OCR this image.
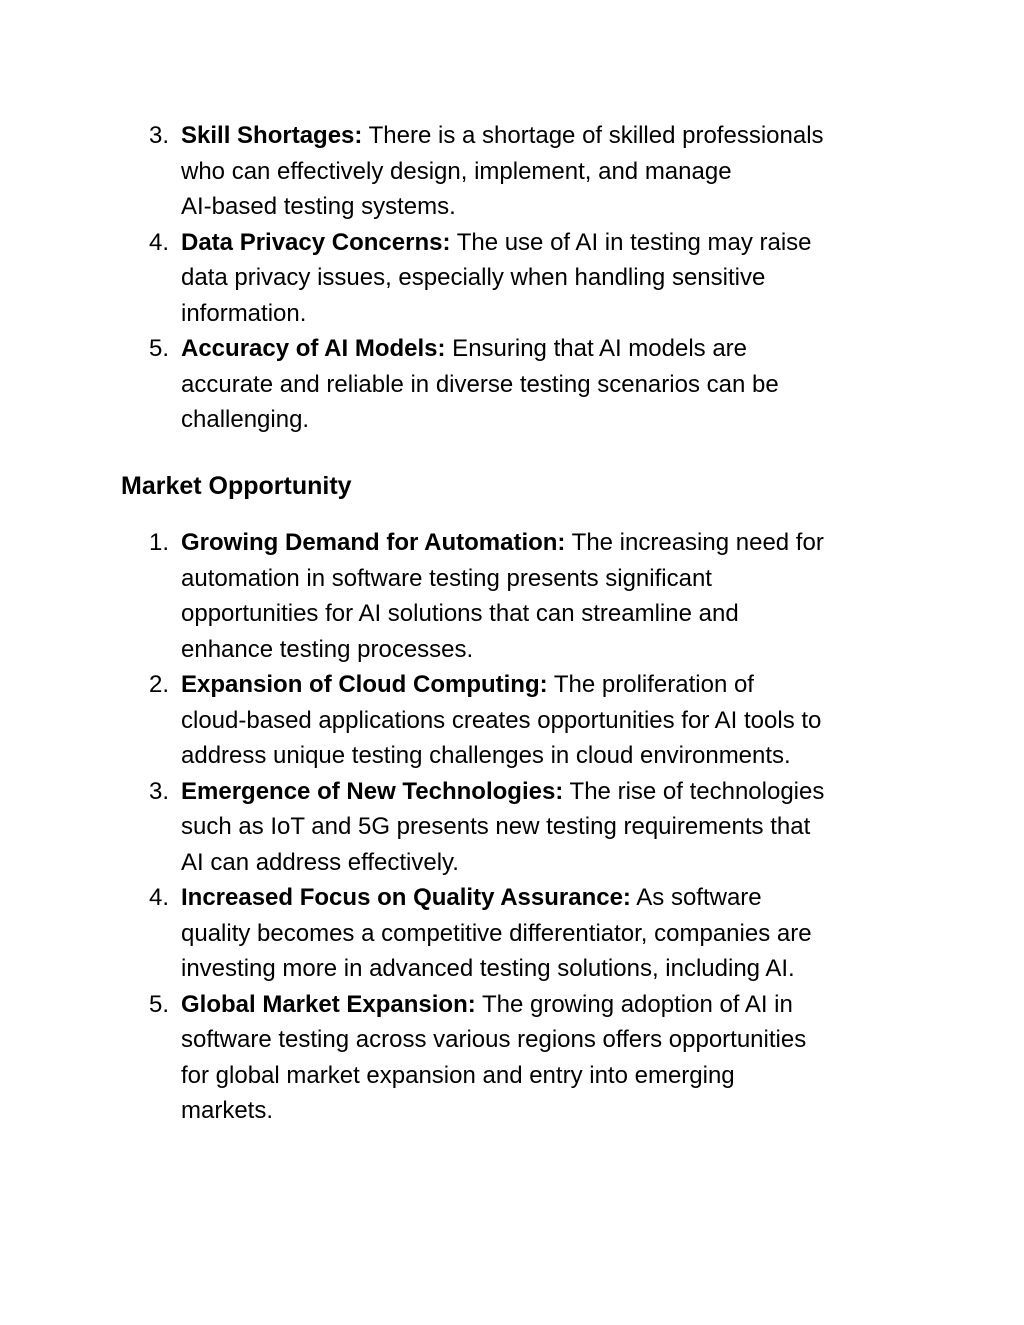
3. Skill Shortages: There is a shortage of skilled professionals
who can effectively design, implement, and manage
AI-based testing systems.
4. Data Privacy Concerns: The use of AI in testing may raise
data privacy issues, especially when handling sensitive
information.
5. Accuracy of AI Models: Ensuring that AI models are
accurate and reliable in diverse testing scenarios can be
challenging.
Market Opportunity
1. Growing Demand for Automation: The increasing need for
automation in software testing presents significant
opportunities for AI solutions that can streamline and
enhance testing processes.
2. Expansion of Cloud Computing: The proliferation of
cloud-based applications creates opportunities for AI tools to
address unique testing challenges in cloud environments.
3. Emergence of New Technologies: The rise of technologies
such as IoT and 5G presents new testing requirements that
AI can address effectively.
4. Increased Focus on Quality Assurance: As software
quality becomes a competitive differentiator, companies are
investing more in advanced testing solutions, including AI.
5. Global Market Expansion: The growing adoption of AI in
software testing across various regions offers opportunities
for global market expansion and entry into emerging
markets.
